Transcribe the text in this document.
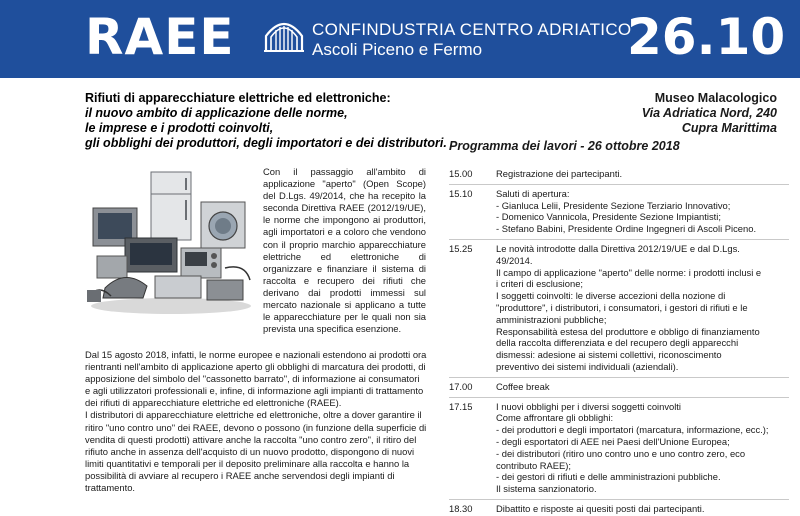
RAEE	CONFINDUSTRIA CENTRO ADRIATICO
Ascoli Piceno e Fermo	26.10
Rifiuti di apparecchiature elettriche ed elettroniche:
il nuovo ambito di applicazione delle norme,
le imprese e i prodotti coinvolti,
gli obblighi dei produttori, degli importatori e dei distributori.
Museo Malacologico
Via Adriatica Nord, 240
Cupra Marittima
Programma dei lavori - 26 ottobre 2018
Con il passaggio all'ambito di applicazione "aperto" (Open Scope) del D.Lgs. 49/2014, che ha recepito la seconda Direttiva RAEE (2012/19/UE), le norme che impongono ai produttori, agli importatori e a coloro che vendono con il proprio marchio apparecchiature elettriche ed elettroniche di organizzare e finanziare il sistema di raccolta e recupero dei rifiuti che derivano dai prodotti immessi sul mercato nazionale si applicano a tutte le apparecchiature per le quali non sia prevista una specifica esenzione.

Dal 15 agosto 2018, infatti, le norme europee e nazionali estendono ai prodotti ora rientranti nell'ambito di applicazione aperto gli obblighi di marcatura dei prodotti, di apposizione del simbolo del "cassonetto barrato", di informazione ai consumatori e agli utilizzatori professionali e, infine, di informazione agli impianti di trattamento dei rifiuti di apparecchiature elettriche ed elettroniche (RAEE).

I distributori di apparecchiature elettriche ed elettroniche, oltre a dover garantire il ritiro "uno contro uno" dei RAEE, devono o possono (in funzione della superficie di vendita di questi prodotti) attivare anche la raccolta "uno contro zero", il ritiro del rifiuto anche in assenza dell'acquisto di un nuovo prodotto, dispongono di nuovi limiti quantitativi e temporali per il deposito preliminare alla raccolta e hanno la possibilità di avviare al recupero i RAEE anche servendosi degli impianti di trattamento.

15.00	Registrazione dei partecipanti.
15.10	Saluti di apertura:
- Gianluca Lelii, Presidente Sezione Terziario Innovativo;
- Domenico Vannicola, Presidente Sezione Impiantisti;
- Stefano Babini, Presidente Ordine Ingegneri di Ascoli Piceno.
15.25	Le novità introdotte dalla Direttiva 2012/19/UE e dal D.Lgs.
49/2014.
Il campo di applicazione "aperto" delle norme: i prodotti inclusi e
i criteri di esclusione;
I soggetti coinvolti: le diverse accezioni della nozione di
"produttore", i distributori, i consumatori, i gestori di rifiuti e le
amministrazioni pubbliche;
Responsabilità estesa del produttore e obbligo di finanziamento
della raccolta differenziata e del recupero degli apparecchi
dismessi: adesione ai sistemi collettivi, riconoscimento
preventivo dei sistemi individuali (aziendali).
17.00	Coffee break
17.15	I nuovi obblighi per i diversi soggetti coinvolti
Come affrontare gli obblighi:
- dei produttori e degli importatori (marcatura, informazione, ecc.);
- degli esportatori di AEE nei Paesi dell'Unione Europea;
- dei distributori (ritiro uno contro uno e uno contro zero, eco
contributo RAEE);
- dei gestori di rifiuti e delle amministrazioni pubbliche.
Il sistema sanzionatorio.
18.30	Dibattito e risposte ai quesiti posti dai partecipanti.
